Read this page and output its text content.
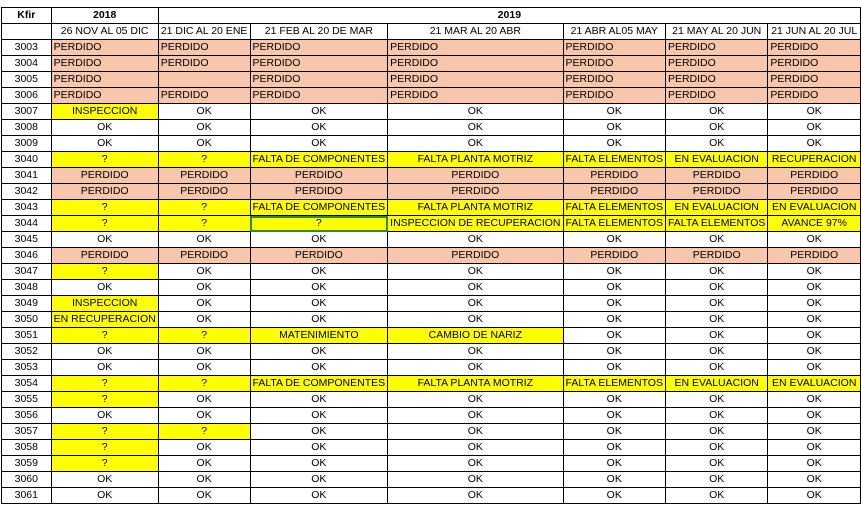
Kfir	2018	2019					
	26 NOV AL 05 DIC	21 DIC AL 20 ENE	21 FEB AL 20 DE MAR	21 MAR AL 20 ABR	21 ABR AL05 MAY	21 MAY AL 20 JUN	21 JUN AL 20 JUL
3003	PERDIDO	PERDIDO	PERDIDO	PERDIDO	PERDIDO	PERDIDO	PERDIDO
3004	PERDIDO	PERDIDO	PERDIDO	PERDIDO	PERDIDO	PERDIDO	PERDIDO
3005	PERDIDO		PERDIDO	PERDIDO	PERDIDO	PERDIDO	PERDIDO
3006	PERDIDO	PERDIDO	PERDIDO	PERDIDO	PERDIDO	PERDIDO	PERDIDO
3007	INSPECCION	OK	OK	OK	OK	OK	OK
3008	OK	OK	OK	OK	OK	OK	OK
3009	OK	OK	OK	OK	OK	OK	OK
3040	?	?	FALTA DE COMPONENTES	FALTA PLANTA MOTRIZ	FALTA ELEMENTOS	EN EVALUACION	RECUPERACION
3041	PERDIDO	PERDIDO	PERDIDO	PERDIDO	PERDIDO	PERDIDO	PERDIDO
3042	PERDIDO	PERDIDO	PERDIDO	PERDIDO	PERDIDO	PERDIDO	PERDIDO
3043	?	?	FALTA DE COMPONENTES	FALTA PLANTA MOTRIZ	FALTA ELEMENTOS	EN EVALUACION	EN EVALUACION
3044	?	?	?	INSPECCION DE RECUPERACION	FALTA ELEMENTOS	FALTA ELEMENTOS	AVANCE 97%
3045	OK	OK	OK	OK	OK	OK	OK
3046	PERDIDO	PERDIDO	PERDIDO	PERDIDO	PERDIDO	PERDIDO	PERDIDO
3047	?	OK	OK	OK	OK	OK	OK
3048	OK	OK	OK	OK	OK	OK	OK
3049	INSPECCION	OK	OK	OK	OK	OK	OK
3050	EN RECUPERACION	OK	OK	OK	OK	OK	OK
3051	?	?	MATENIMIENTO	CAMBIO DE NARIZ	OK	OK	OK
3052	OK	OK	OK	OK	OK	OK	OK
3053	OK	OK	OK	OK	OK	OK	OK
3054	?	?	FALTA DE COMPONENTES	FALTA PLANTA MOTRIZ	FALTA ELEMENTOS	EN EVALUACION	EN EVALUACION
3055	?	OK	OK	OK	OK	OK	OK
3056	OK	OK	OK	OK	OK	OK	OK
3057	?	?	OK	OK	OK	OK	OK
3058	?	OK	OK	OK	OK	OK	OK
3059	?	OK	OK	OK	OK	OK	OK
3060	OK	OK	OK	OK	OK	OK	OK
3061	OK	OK	OK	OK	OK	OK	OK
